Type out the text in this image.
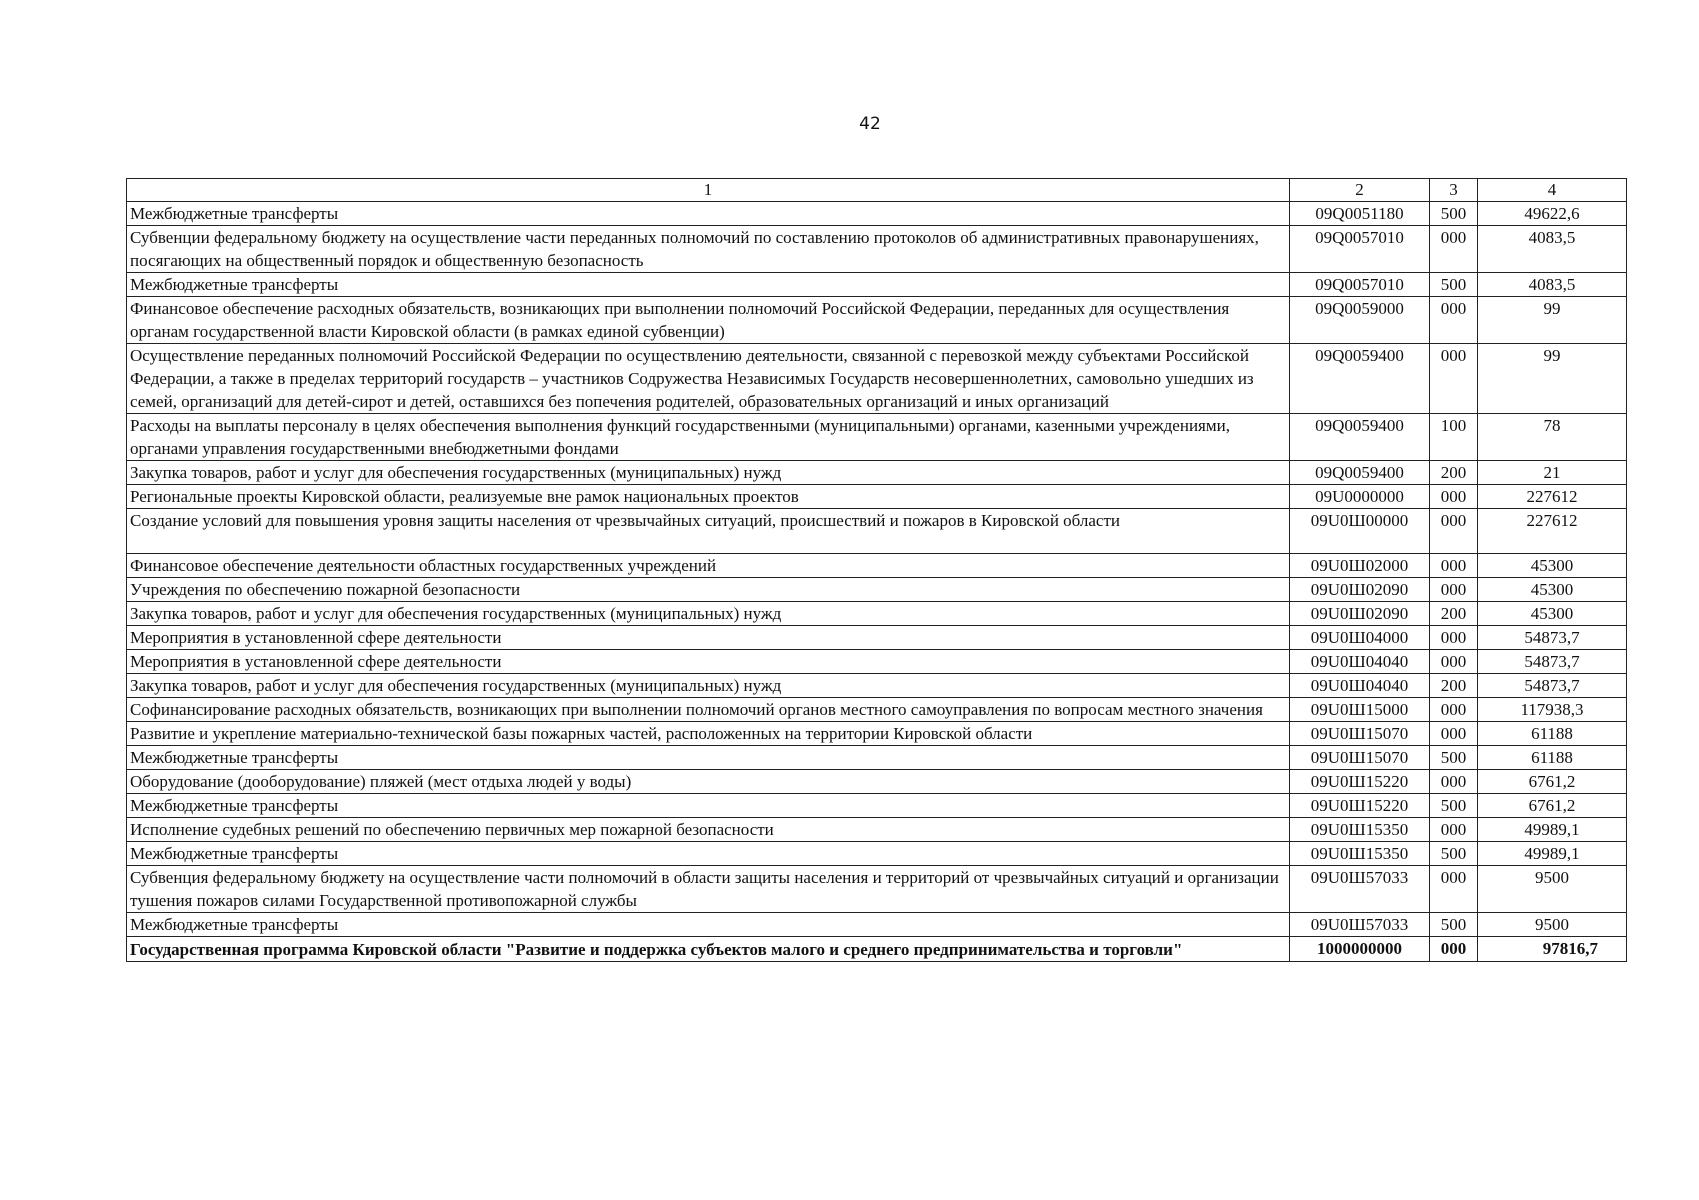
42
1	2	3	4
Межбюджетные трансферты	09Q0051180	500	49622,6
Субвенции федеральному бюджету на осуществление части переданных полномочий по составлению протоколов об административных правонарушениях, посягающих на общественный порядок и общественную безопасность	09Q0057010	000	4083,5
Межбюджетные трансферты	09Q0057010	500	4083,5
Финансовое обеспечение расходных обязательств, возникающих при выполнении полномочий Российской Федерации, переданных для осуществления органам государственной власти Кировской области (в рамках единой субвенции)	09Q0059000	000	99
Осуществление переданных полномочий Российской Федерации по осуществлению деятельности, связанной с перевозкой между субъектами Российской Федерации, а также в пределах территорий государств – участников Содружества Независимых Государств несовершеннолетних, самовольно ушедших из семей, организаций для детей-сирот и детей, оставшихся без попечения родителей, образовательных организаций и иных организаций	09Q0059400	000	99
Расходы на выплаты персоналу в целях обеспечения выполнения функций государственными (муниципальными) органами, казенными учреждениями, органами управления государственными внебюджетными фондами	09Q0059400	100	78
Закупка товаров, работ и услуг для обеспечения государственных (муниципальных) нужд	09Q0059400	200	21
Региональные проекты Кировской области, реализуемые вне рамок национальных проектов	09U0000000	000	227612
Создание условий для повышения уровня защиты населения от чрезвычайных ситуаций, происшествий и пожаров в Кировской области	09U0Ш00000	000	227612
Финансовое обеспечение деятельности областных государственных учреждений	09U0Ш02000	000	45300
Учреждения по обеспечению пожарной безопасности	09U0Ш02090	000	45300
Закупка товаров, работ и услуг для обеспечения государственных (муниципальных) нужд	09U0Ш02090	200	45300
Мероприятия в установленной сфере деятельности	09U0Ш04000	000	54873,7
Мероприятия в установленной сфере деятельности	09U0Ш04040	000	54873,7
Закупка товаров, работ и услуг для обеспечения государственных (муниципальных) нужд	09U0Ш04040	200	54873,7
Софинансирование расходных обязательств, возникающих при выполнении полномочий органов местного самоуправления по вопросам местного значения	09U0Ш15000	000	117938,3
Развитие и укрепление материально-технической базы пожарных частей, расположенных на территории Кировской области	09U0Ш15070	000	61188
Межбюджетные трансферты	09U0Ш15070	500	61188
Оборудование (дооборудование) пляжей (мест отдыха людей у воды)	09U0Ш15220	000	6761,2
Межбюджетные трансферты	09U0Ш15220	500	6761,2
Исполнение судебных решений по обеспечению первичных мер пожарной безопасности	09U0Ш15350	000	49989,1
Межбюджетные трансферты	09U0Ш15350	500	49989,1
Субвенция федеральному бюджету на осуществление части полномочий в области защиты населения и территорий от чрезвычайных ситуаций и организации тушения пожаров силами Государственной противопожарной службы	09U0Ш57033	000	9500
Межбюджетные трансферты	09U0Ш57033	500	9500
Государственная программа Кировской области "Развитие и поддержка субъектов малого и среднего предпринимательства и торговли"	1000000000	000	97816,7
